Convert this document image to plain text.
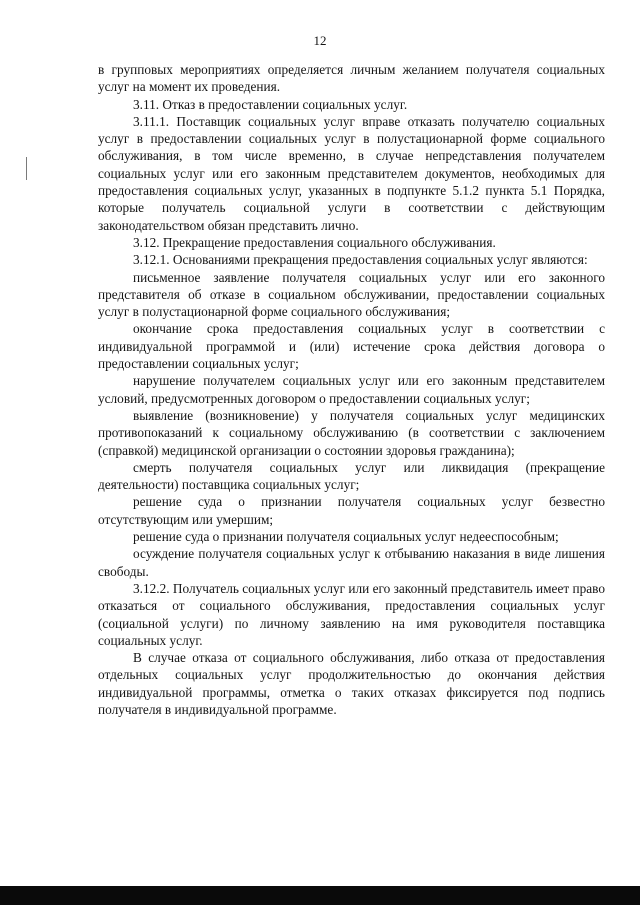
12

в групповых мероприятиях определяется личным желанием получателя социальных услуг на момент их проведения.

3.11. Отказ в предоставлении социальных услуг.

3.11.1. Поставщик социальных услуг вправе отказать получателю социальных услуг в предоставлении социальных услуг в полустационарной форме социального обслуживания, в том числе временно, в случае непредставления получателем социальных услуг или его законным представителем документов, необходимых для предоставления социальных услуг, указанных в подпункте 5.1.2 пункта 5.1 Порядка, которые получатель социальной услуги в соответствии с действующим законодательством обязан представить лично.

3.12. Прекращение предоставления социального обслуживания.

3.12.1. Основаниями прекращения предоставления социальных услуг являются:

письменное заявление получателя социальных услуг или его законного представителя об отказе в социальном обслуживании, предоставлении социальных услуг в полустационарной форме социального обслуживания;

окончание срока предоставления социальных услуг в соответствии с индивидуальной программой и (или) истечение срока действия договора о предоставлении социальных услуг;

нарушение получателем социальных услуг или его законным представителем условий, предусмотренных договором о предоставлении социальных услуг;

выявление (возникновение) у получателя социальных услуг медицинских противопоказаний к социальному обслуживанию (в соответствии с заключением (справкой) медицинской организации о состоянии здоровья гражданина);

смерть получателя социальных услуг или ликвидация (прекращение деятельности) поставщика социальных услуг;

решение суда о признании получателя социальных услуг безвестно отсутствующим или умершим;

решение суда о признании получателя социальных услуг недееспособным;

осуждение получателя социальных услуг к отбыванию наказания в виде лишения свободы.

3.12.2. Получатель социальных услуг или его законный представитель имеет право отказаться от социального обслуживания, предоставления социальных услуг (социальной услуги) по личному заявлению на имя руководителя поставщика социальных услуг.

В случае отказа от социального обслуживания, либо отказа от предоставления отдельных социальных услуг продолжительностью до окончания действия индивидуальной программы, отметка о таких отказах фиксируется под подпись получателя в индивидуальной программе.
